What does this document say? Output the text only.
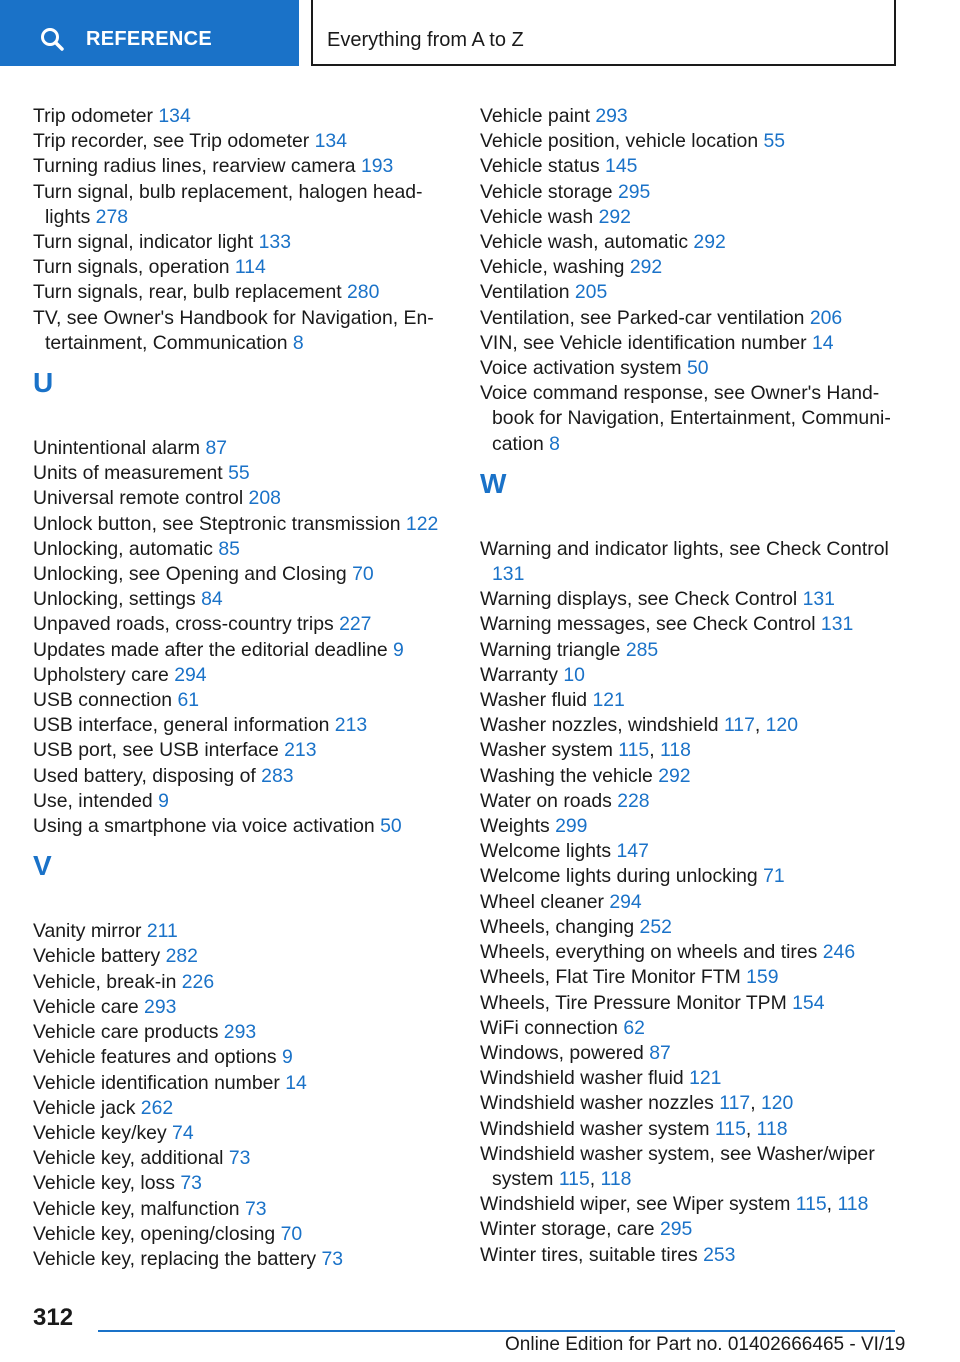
REFERENCE	Everything from A to Z
Trip odometer 134
Trip recorder, see Trip odometer 134
Turning radius lines, rearview camera 193
Turn signal, bulb replacement, halogen headlights 278
Turn signal, indicator light 133
Turn signals, operation 114
Turn signals, rear, bulb replacement 280
TV, see Owner's Handbook for Navigation, Entertainment, Communication 8
U
Unintentional alarm 87
Units of measurement 55
Universal remote control 208
Unlock button, see Steptronic transmission 122
Unlocking, automatic 85
Unlocking, see Opening and Closing 70
Unlocking, settings 84
Unpaved roads, cross-country trips 227
Updates made after the editorial deadline 9
Upholstery care 294
USB connection 61
USB interface, general information 213
USB port, see USB interface 213
Used battery, disposing of 283
Use, intended 9
Using a smartphone via voice activation 50
V
Vanity mirror 211
Vehicle battery 282
Vehicle, break-in 226
Vehicle care 293
Vehicle care products 293
Vehicle features and options 9
Vehicle identification number 14
Vehicle jack 262
Vehicle key/key 74
Vehicle key, additional 73
Vehicle key, loss 73
Vehicle key, malfunction 73
Vehicle key, opening/closing 70
Vehicle key, replacing the battery 73
Vehicle paint 293
Vehicle position, vehicle location 55
Vehicle status 145
Vehicle storage 295
Vehicle wash 292
Vehicle wash, automatic 292
Vehicle, washing 292
Ventilation 205
Ventilation, see Parked-car ventilation 206
VIN, see Vehicle identification number 14
Voice activation system 50
Voice command response, see Owner's Handbook for Navigation, Entertainment, Communication 8
W
Warning and indicator lights, see Check Control 131
Warning displays, see Check Control 131
Warning messages, see Check Control 131
Warning triangle 285
Warranty 10
Washer fluid 121
Washer nozzles, windshield 117, 120
Washer system 115, 118
Washing the vehicle 292
Water on roads 228
Weights 299
Welcome lights 147
Welcome lights during unlocking 71
Wheel cleaner 294
Wheels, changing 252
Wheels, everything on wheels and tires 246
Wheels, Flat Tire Monitor FTM 159
Wheels, Tire Pressure Monitor TPM 154
WiFi connection 62
Windows, powered 87
Windshield washer fluid 121
Windshield washer nozzles 117, 120
Windshield washer system 115, 118
Windshield washer system, see Washer/wiper system 115, 118
Windshield wiper, see Wiper system 115, 118
Winter storage, care 295
Winter tires, suitable tires 253
312
Online Edition for Part no. 01402666465 - VI/19
